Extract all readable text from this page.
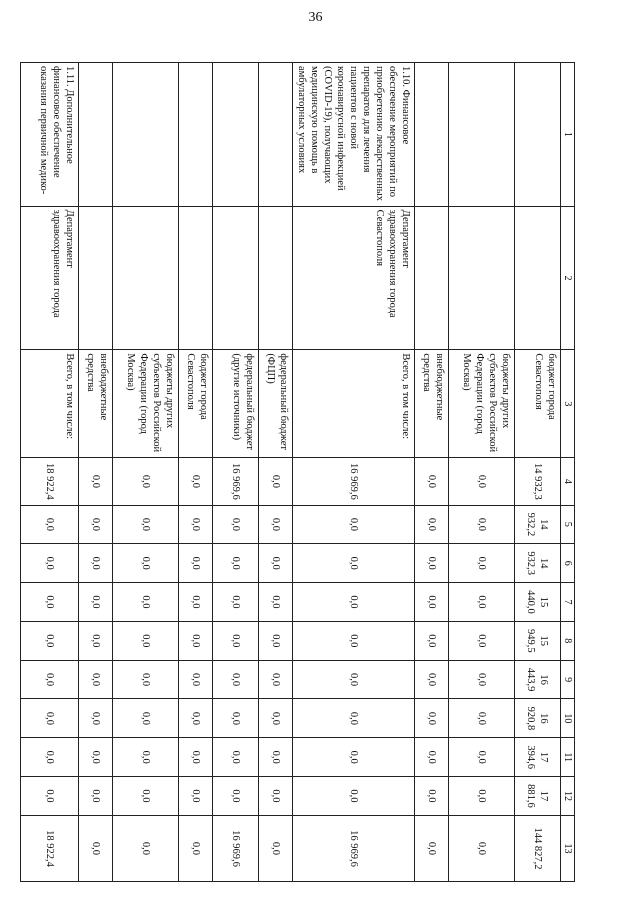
36
1	2	3	4	5	6	7	8	9	10	11	12	13
		бюджет города Севастополя	14 932,3	14 932,2	14 932,3	15 440,0	15 949,5	16 443,9	16 920,8	17 394,6	17 881,6	144 827,2
		бюджеты других субъектов Российской Федерации (город Москва)	0,0	0,0	0,0	0,0	0,0	0,0	0,0	0,0	0,0	0,0
		внебюджетные средства	0,0	0,0	0,0	0,0	0,0	0,0	0,0	0,0	0,0	0,0
1.10. Финансовое обеспечение мероприятий по приобретению лекарственных препаратов для лечения пациентов с новой коронавирусной инфекцией (COVID-19), получающих медицинскую помощь в амбулаторных условиях	Департамент здравоохранения города Севастополя	Всего, в том числе:	16 969,6	0,0	0,0	0,0	0,0	0,0	0,0	0,0	0,0	16 969,6
		федеральный бюджет (ФЦП)	0,0	0,0	0,0	0,0	0,0	0,0	0,0	0,0	0,0	0,0
		федеральный бюджет (другие источники)	16 969,6	0,0	0,0	0,0	0,0	0,0	0,0	0,0	0,0	16 969,6
		бюджет города Севастополя	0,0	0,0	0,0	0,0	0,0	0,0	0,0	0,0	0,0	0,0
		бюджеты других субъектов Российской Федерации (город Москва)	0,0	0,0	0,0	0,0	0,0	0,0	0,0	0,0	0,0	0,0
		внебюджетные средства	0,0	0,0	0,0	0,0	0,0	0,0	0,0	0,0	0,0	0,0
1.11. Дополнительное финансовое обеспечение оказания первичной медико-	Департамент здравоохранения города	Всего, в том числе:	18 922,4	0,0	0,0	0,0	0,0	0,0	0,0	0,0	0,0	18 922,4
